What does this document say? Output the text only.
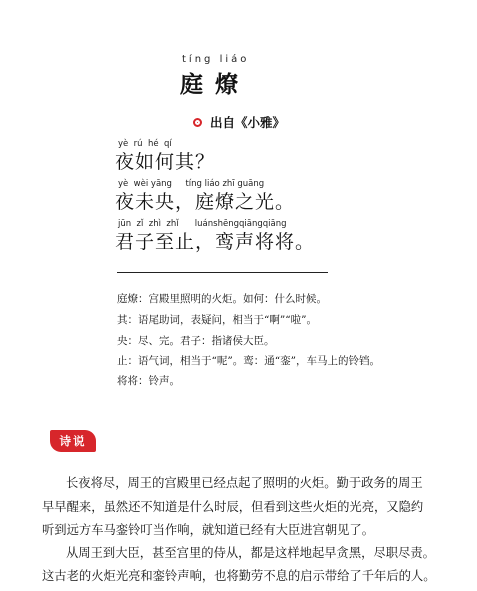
tíng liáo
庭燎
出自《小雅》
yè  rú  hé  qí
夜如何其？
yè  wèi yāng     tíng liáo zhī guāng
夜未央，庭燎之光。
jūn  zǐ  zhì  zhǐ      luánshēngqiāngqiāng
君子至止，鸾声将将。
庭燎：宫殿里照明的火炬。如何：什么时候。
其：语尾助词，表疑问，相当于“啊”“啦”。
央：尽、完。君子：指诸侯大臣。
止：语气词，相当于“呢”。鸾：通“銮”，车马上的铃铛。
将将：铃声。
诗说
长夜将尽，周王的宫殿里已经点起了照明的火炬。勤于政务的周王
早早醒来，虽然还不知道是什么时辰，但看到这些火炬的光亮，又隐约
听到远方车马銮铃叮当作响，就知道已经有大臣进宫朝见了。
从周王到大臣，甚至宫里的侍从，都是这样地起早贪黑，尽职尽责。
这古老的火炬光亮和銮铃声响，也将勤劳不息的启示带给了千年后的人。
